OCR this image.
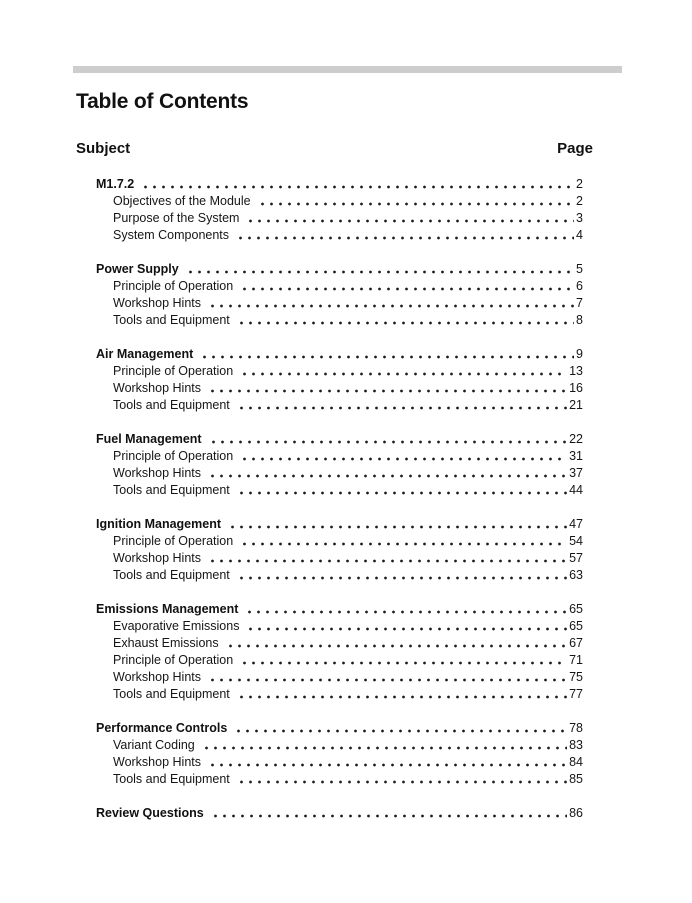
Table of Contents
Subject	Page
M1.7.2	2
Objectives of the Module	2
Purpose of the System	3
System Components	4
Power Supply	5
Principle of Operation	6
Workshop Hints	7
Tools and Equipment	8
Air Management	9
Principle of Operation	13
Workshop Hints	16
Tools and Equipment	21
Fuel Management	22
Principle of Operation	31
Workshop Hints	37
Tools and Equipment	44
Ignition Management	47
Principle of Operation	54
Workshop Hints	57
Tools and Equipment	63
Emissions Management	65
Evaporative Emissions	65
Exhaust Emissions	67
Principle of Operation	71
Workshop Hints	75
Tools and Equipment	77
Performance Controls	78
Variant Coding	83
Workshop Hints	84
Tools and Equipment	85
Review Questions	86
